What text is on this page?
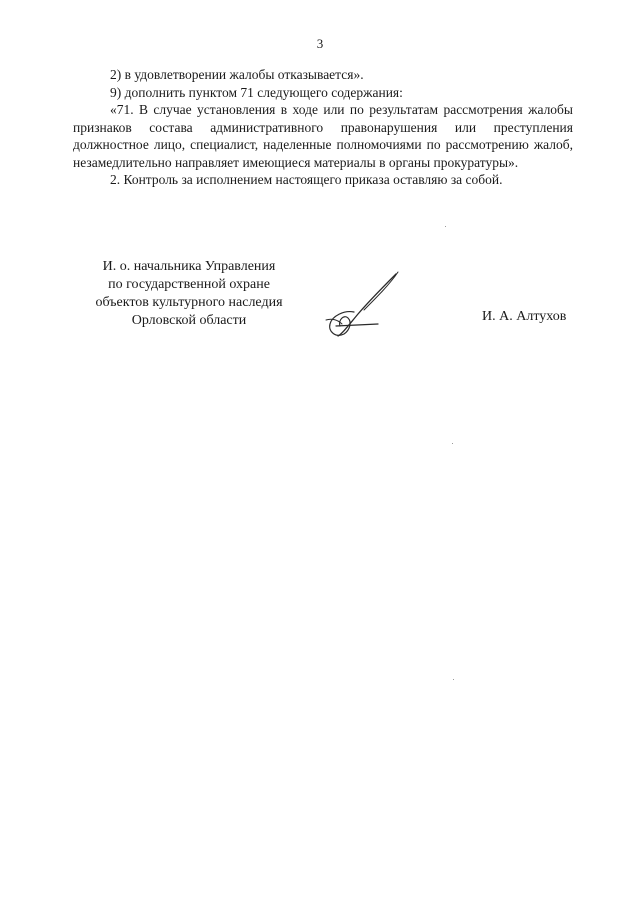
3

2) в удовлетворении жалобы отказывается».

9) дополнить пунктом 71 следующего содержания:

«71. В случае установления в ходе или по результатам рассмотрения жалобы признаков состава административного правонарушения или преступления должностное лицо, специалист, наделенные полномочиями по рассмотрению жалоб, незамедлительно направляет имеющиеся материалы в органы прокуратуры».

2. Контроль за исполнением настоящего приказа оставляю за собой.

И. о. начальника Управления
по государственной охране
объектов культурного наследия
Орловской области	И. А. Алтухов
